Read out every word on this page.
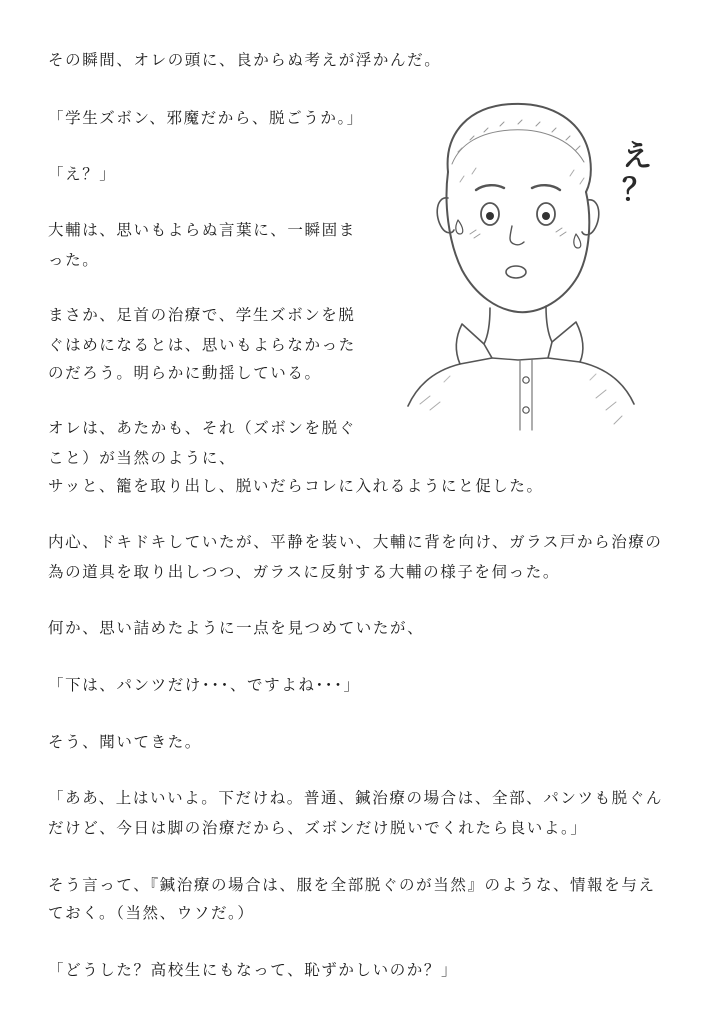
その瞬間、オレの頭に、良からぬ考えが浮かんだ。
「学生ズボン、邪魔だから、脱ごうか。」
「え？」
大輔は、思いもよらぬ言葉に、一瞬固ま
った。
まさか、足首の治療で、学生ズボンを脱
ぐはめになるとは、思いもよらなかった
のだろう。明らかに動揺している。
オレは、あたかも、それ（ズボンを脱ぐ
こと）が当然のように、
サッと、籠を取り出し、脱いだらコレに入れるようにと促した。
内心、ドキドキしていたが、平静を装い、大輔に背を向け、ガラス戸から治療の
為の道具を取り出しつつ、ガラスに反射する大輔の様子を伺った。
何か、思い詰めたように一点を見つめていたが、
「下は、パンツだけ･･･、ですよね･･･」
そう、聞いてきた。
「ああ、上はいいよ。下だけね。普通、鍼治療の場合は、全部、パンツも脱ぐん
だけど、今日は脚の治療だから、ズボンだけ脱いでくれたら良いよ。」
そう言って、『鍼治療の場合は、服を全部脱ぐのが当然』のような、情報を与え
ておく。（当然、ウソだ。）
「どうした？高校生にもなって、恥ずかしいのか？」
え
？
